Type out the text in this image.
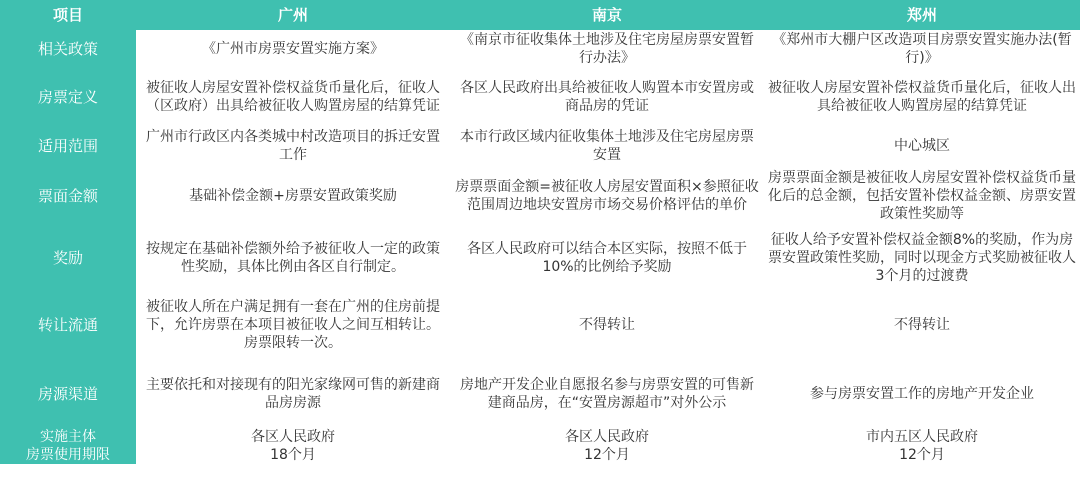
项目	广州	南京	郑州
相关政策	《广州市房票安置实施方案》	《南京市征收集体土地涉及住宅房屋房票安置暂行办法》	《郑州市大棚户区改造项目房票安置实施办法(暂行)》
房票定义	被征收人房屋安置补偿权益货币量化后，征收人（区政府）出具给被征收人购置房屋的结算凭证	各区人民政府出具给被征收人购置本市安置房或商品房的凭证	被征收人房屋安置补偿权益货币量化后，征收人出具给被征收人购置房屋的结算凭证
适用范围	广州市行政区内各类城中村改造项目的拆迁安置工作	本市行政区域内征收集体土地涉及住宅房屋房票安置	中心城区
票面金额	基础补偿金额+房票安置政策奖励	房票票面金额=被征收人房屋安置面积×参照征收范围周边地块安置房市场交易价格评估的单价	房票票面金额是被征收人房屋安置补偿权益货币量化后的总金额，包括安置补偿权益金额、房票安置政策性奖励等
奖励	按规定在基础补偿额外给予被征收人一定的政策性奖励，具体比例由各区自行制定。	各区人民政府可以结合本区实际，按照不低于10%的比例给予奖励	征收人给予安置补偿权益金额8%的奖励，作为房票安置政策性奖励，同时以现金方式奖励被征收人3个月的过渡费
转让流通	被征收人所在户满足拥有一套在广州的住房前提下，允许房票在本项目被征收人之间互相转让。房票限转一次。	不得转让	不得转让
房源渠道	主要依托和对接现有的阳光家缘网可售的新建商品房房源	房地产开发企业自愿报名参与房票安置的可售新建商品房，在“安置房源超市”对外公示	参与房票安置工作的房地产开发企业
实施主体	各区人民政府	各区人民政府	市内五区人民政府
房票使用期限	18个月	12个月	12个月
